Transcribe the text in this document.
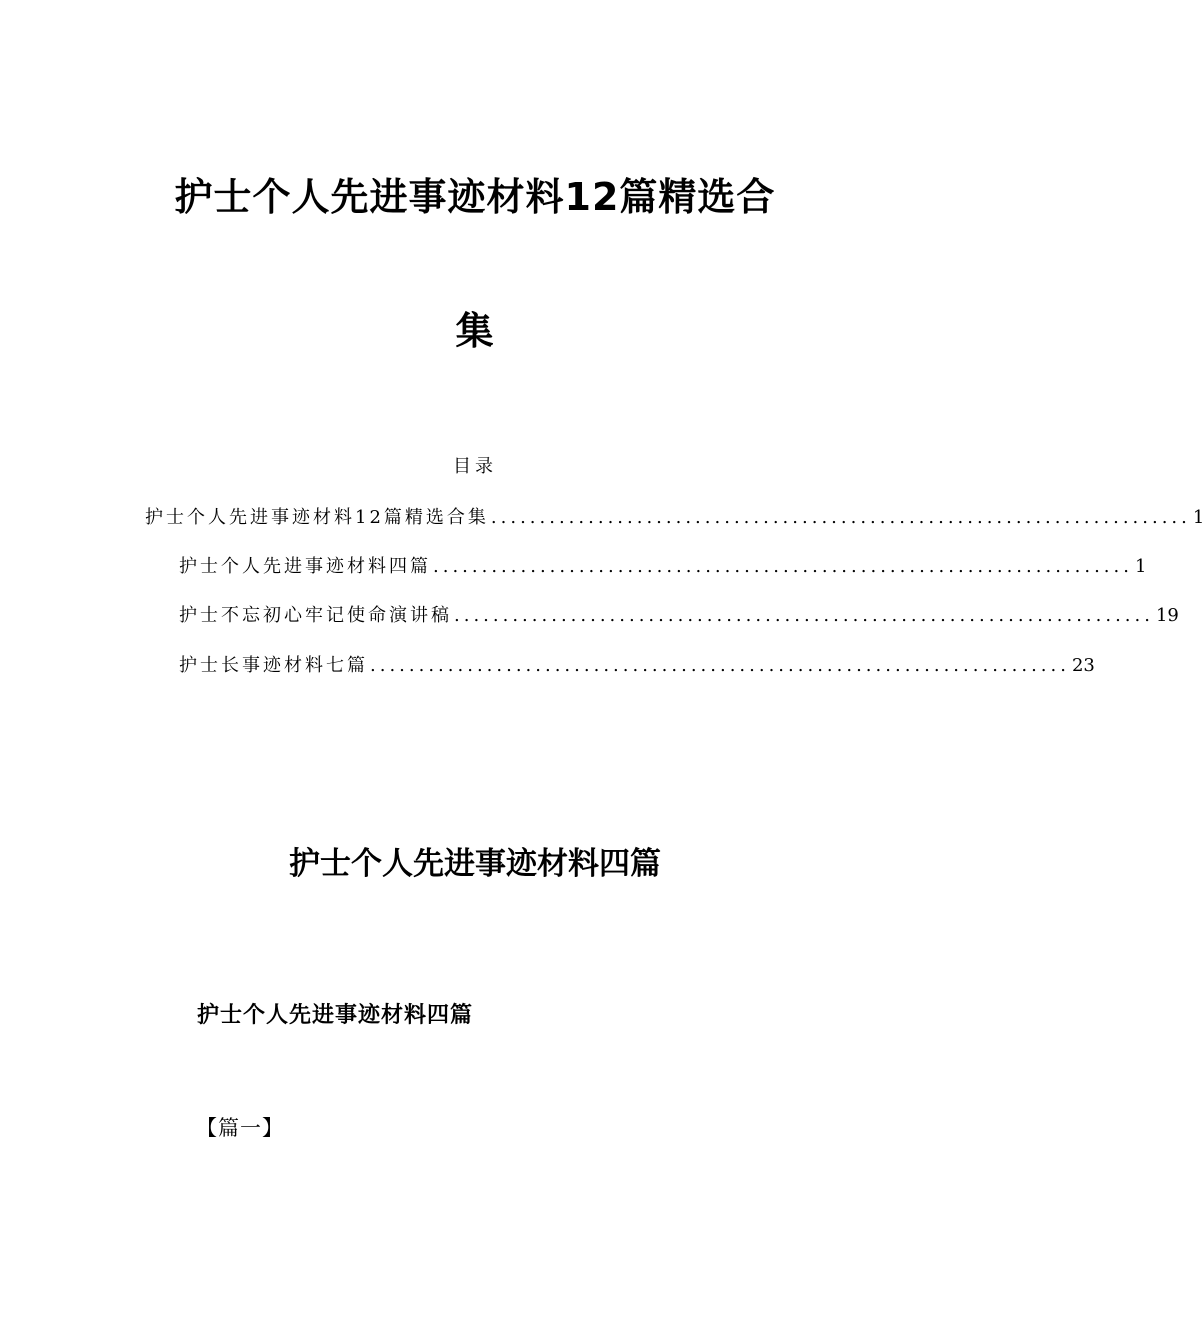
护士个人先进事迹材料12篇精选合
集
目录
护士个人先进事迹材料12篇精选合集 ........................................................................ 1
护士个人先进事迹材料四篇 ........................................................................ 1
护士不忘初心牢记使命演讲稿 ........................................................................ 19
护士长事迹材料七篇 ........................................................................ 23
护士个人先进事迹材料四篇
护士个人先进事迹材料四篇
【篇一】
